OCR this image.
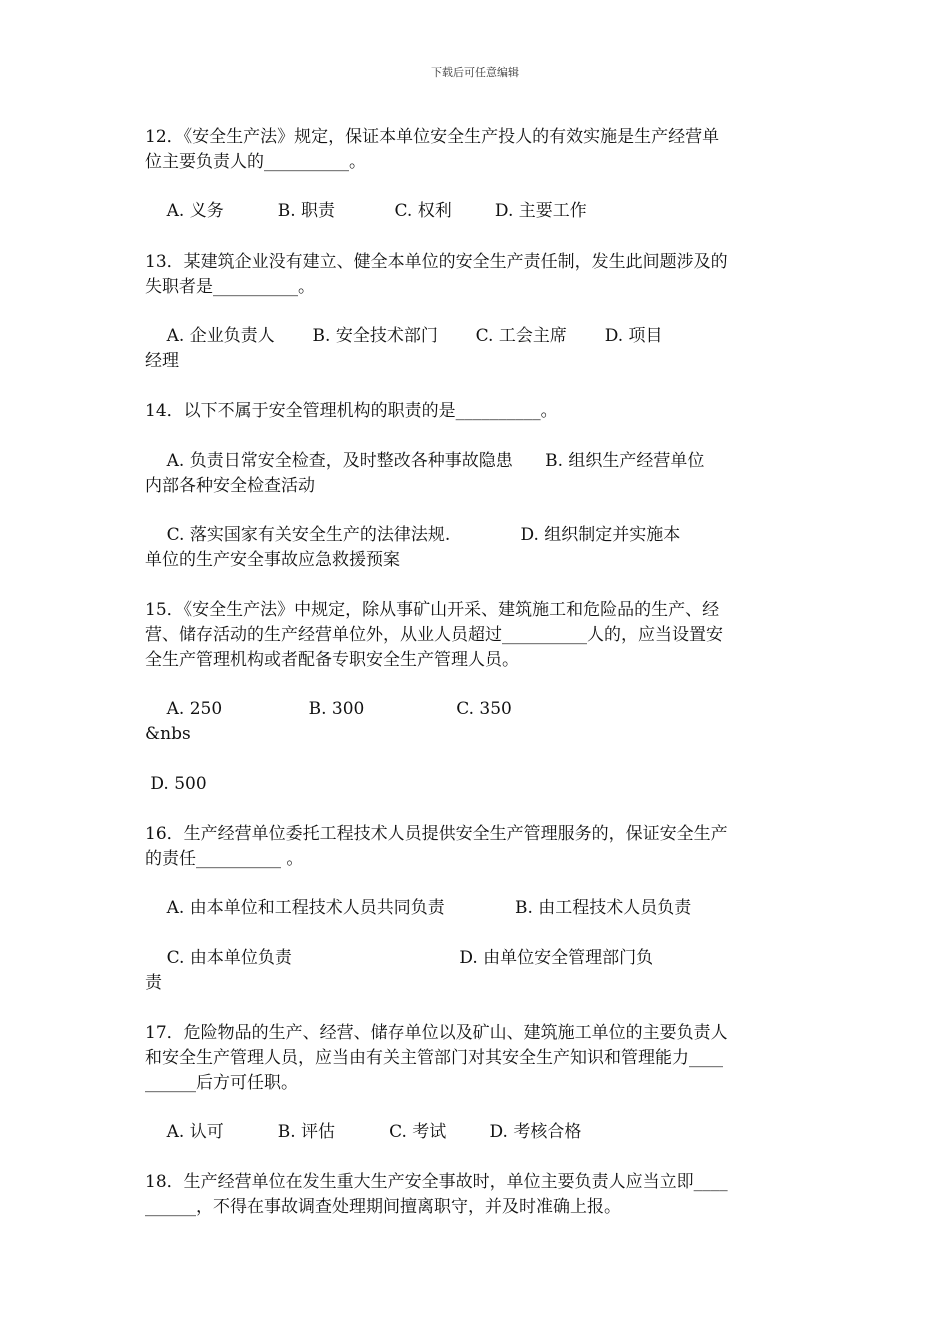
下载后可任意编辑
12．《安全生产法》规定，保证本单位安全生产投人的有效实施是生产经营单
位主要负责人的__________。
A. 义务          B. 职责           C. 权利        D. 主要工作
13．某建筑企业没有建立、健全本单位的安全生产责任制，发生此间题涉及的
失职者是__________。
A. 企业负责人       B. 安全技术部门       C. 工会主席       D. 项目
经理
14．以下不属于安全管理机构的职责的是__________。
A. 负责日常安全检查，及时整改各种事故隐患      B. 组织生产经营单位
内部各种安全检查活动
C. 落实国家有关安全生产的法律法规.             D. 组织制定并实施本
单位的生产安全事故应急救援预案
15．《安全生产法》中规定，除从事矿山开采、建筑施工和危险品的生产、经
营、储存活动的生产经营单位外，从业人员超过__________人的，应当设置安
全生产管理机构或者配备专职安全生产管理人员。
A. 250                B. 300                 C. 350
&nbs
D. 500
16．生产经营单位委托工程技术人员提供安全生产管理服务的，保证安全生产
的责任__________ 。
A. 由本单位和工程技术人员共同负责             B. 由工程技术人员负责
C. 由本单位负责                               D. 由单位安全管理部门负
责
17．危险物品的生产、经营、储存单位以及矿山、建筑施工单位的主要负责人
和安全生产管理人员，应当由有关主管部门对其安全生产知识和管理能力____
______后方可任职。
A. 认可          B. 评估          C. 考试        D. 考核合格
18．生产经营单位在发生重大生产安全事故时，单位主要负责人应当立即____
______，不得在事故调查处理期间擅离职守，并及时准确上报。
